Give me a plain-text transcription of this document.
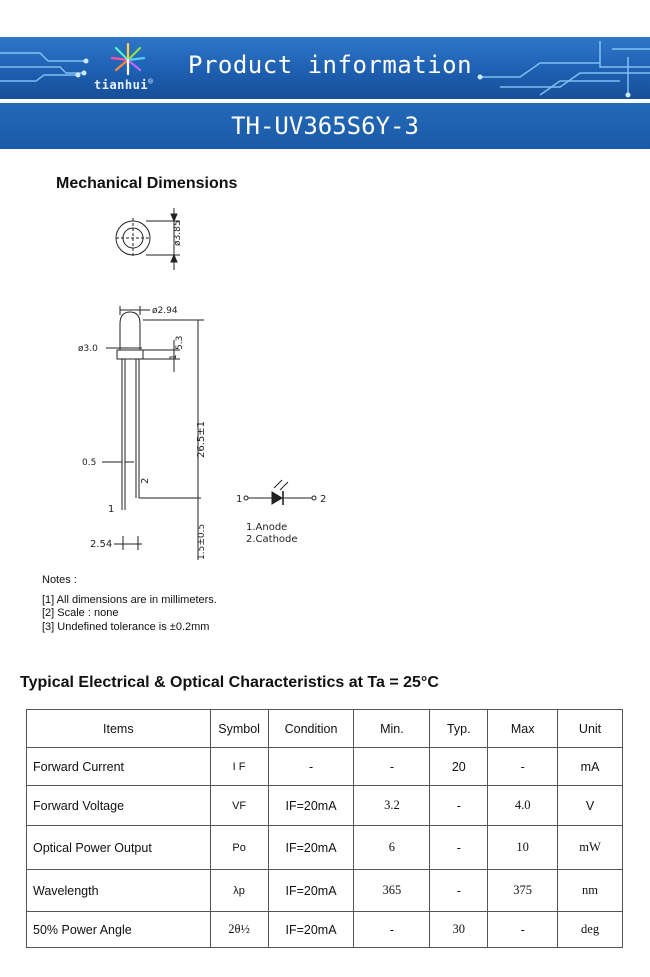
tianhui®
Product information
TH-UV365S6Y-3
Mechanical Dimensions
ø3.85
ø2.94
ø3.0	5.3
1
26.5±1
1.5±0.5
0.5
2.54
1
2
1	2
1.Anode
2.Cathode
Notes :
[1] All dimensions are in millimeters.
[2] Scale : none
[3] Undefined tolerance is ±0.2mm
Typical Electrical & Optical Characteristics at Ta = 25°C
Items	Symbol	Condition	Min.	Typ.	Max	Unit
Forward Current	I F	-	-	20	-	mA
Forward Voltage	VF	IF=20mA	3.2	-	4.0	V
Optical Power Output	Po	IF=20mA	6	-	10	mW
Wavelength	λp	IF=20mA	365	-	375	nm
50% Power Angle	2θ½	IF=20mA	-	30	-	deg
